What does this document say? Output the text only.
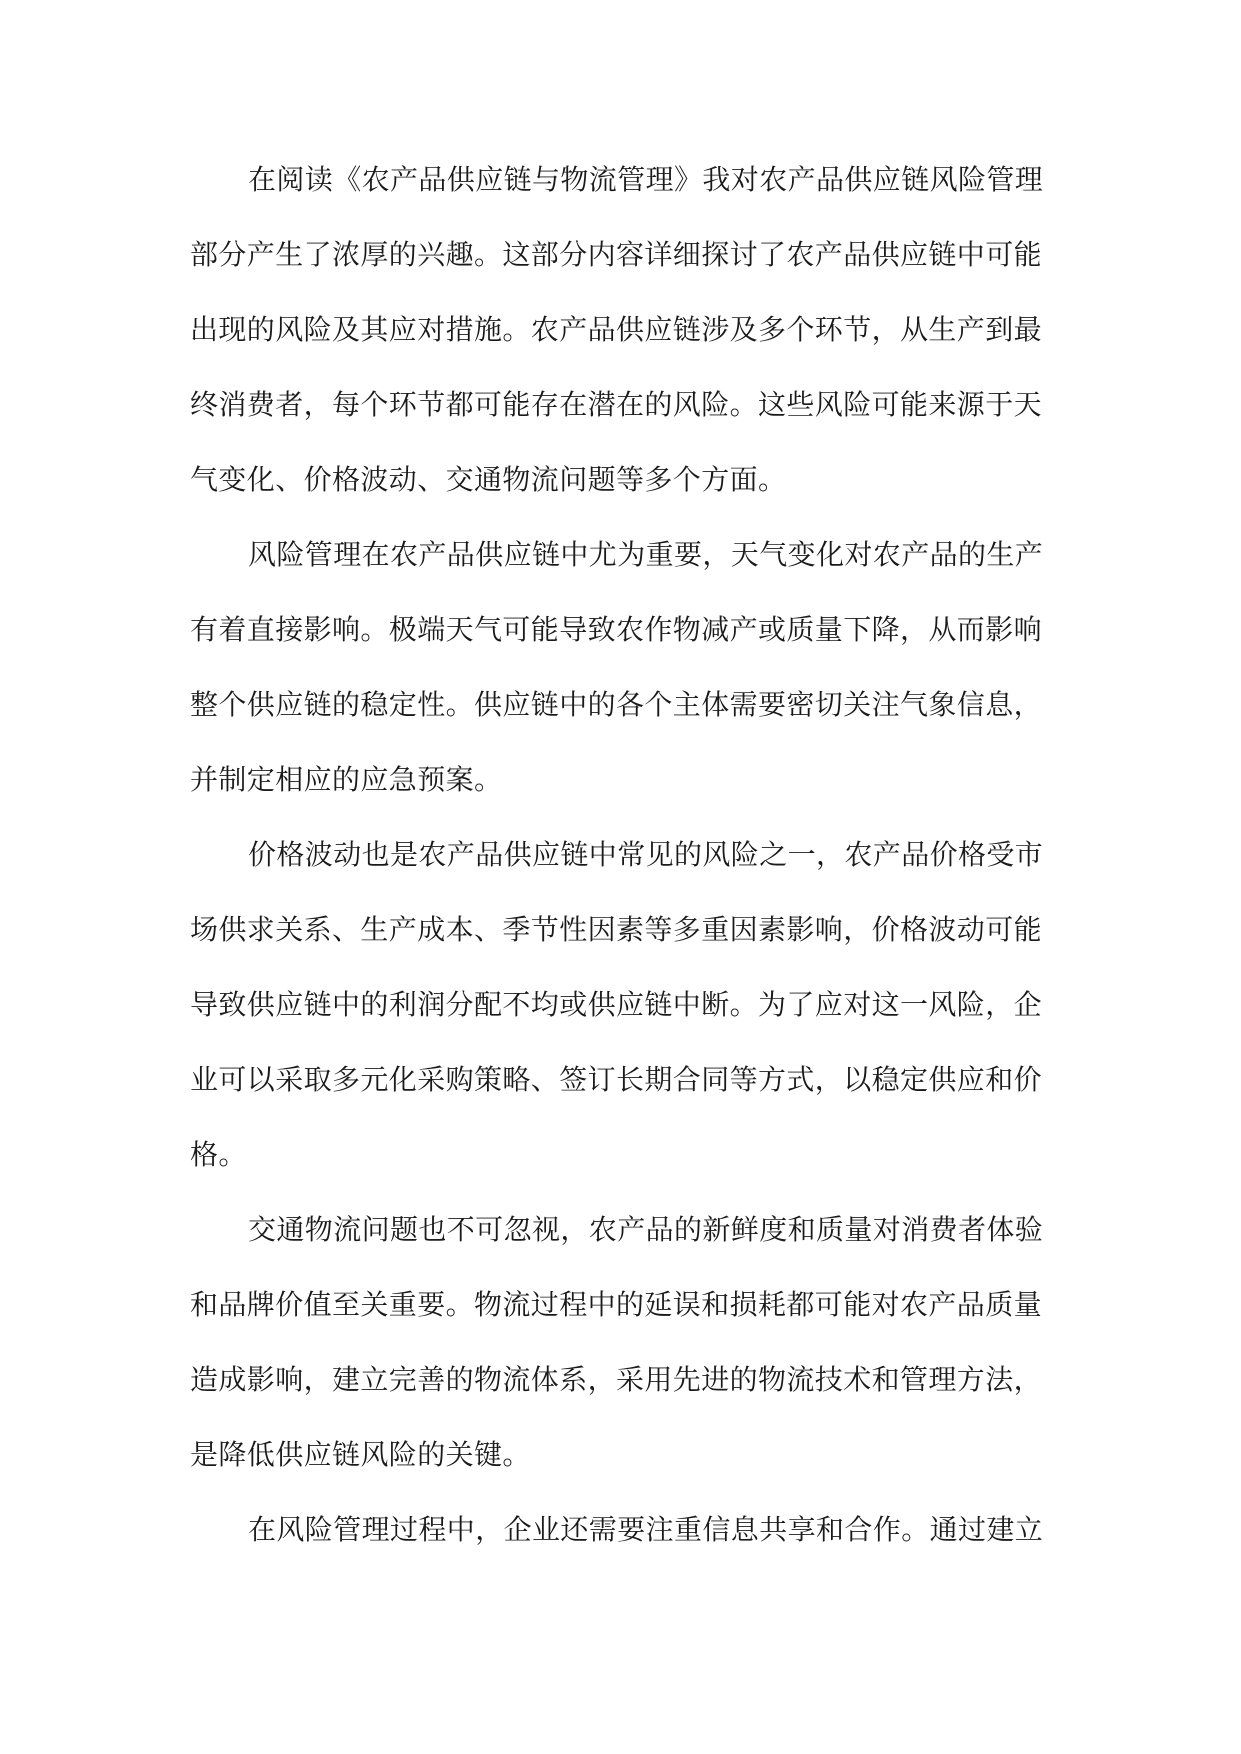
在阅读《农产品供应链与物流管理》我对农产品供应链风险管理
部分产生了浓厚的兴趣。这部分内容详细探讨了农产品供应链中可能
出现的风险及其应对措施。农产品供应链涉及多个环节，从生产到最
终消费者，每个环节都可能存在潜在的风险。这些风险可能来源于天
气变化、价格波动、交通物流问题等多个方面。
风险管理在农产品供应链中尤为重要，天气变化对农产品的生产
有着直接影响。极端天气可能导致农作物减产或质量下降，从而影响
整个供应链的稳定性。供应链中的各个主体需要密切关注气象信息，
并制定相应的应急预案。
价格波动也是农产品供应链中常见的风险之一，农产品价格受市
场供求关系、生产成本、季节性因素等多重因素影响，价格波动可能
导致供应链中的利润分配不均或供应链中断。为了应对这一风险，企
业可以采取多元化采购策略、签订长期合同等方式，以稳定供应和价
格。
交通物流问题也不可忽视，农产品的新鲜度和质量对消费者体验
和品牌价值至关重要。物流过程中的延误和损耗都可能对农产品质量
造成影响，建立完善的物流体系，采用先进的物流技术和管理方法，
是降低供应链风险的关键。
在风险管理过程中，企业还需要注重信息共享和合作。通过建立
